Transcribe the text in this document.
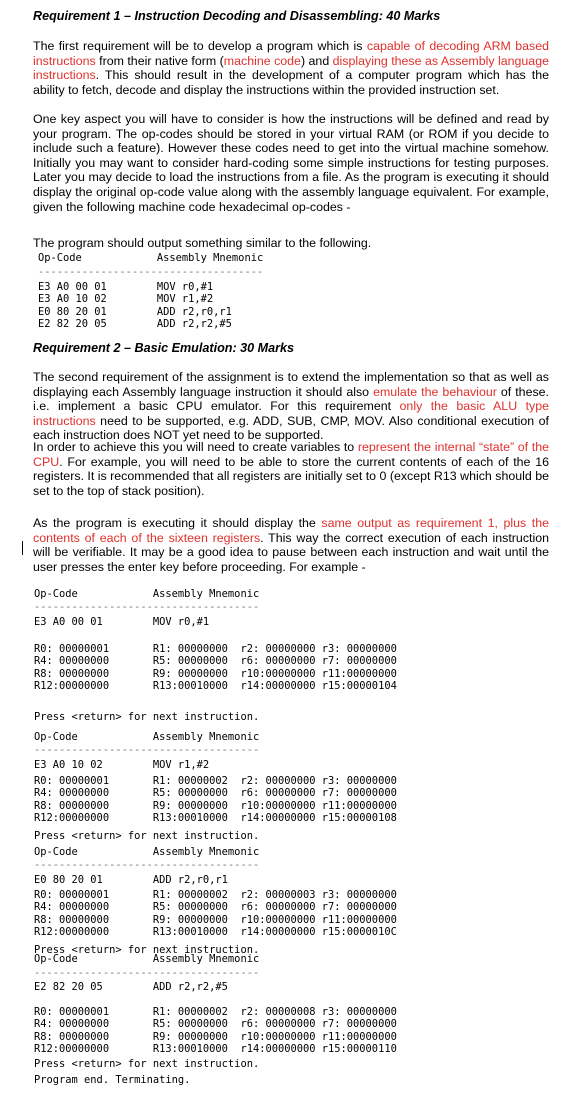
Requirement 1 – Instruction Decoding and Disassembling: 40 Marks

The first requirement will be to develop a program which is capable of decoding ARM based instructions from their native form (machine code) and displaying these as Assembly language instructions. This should result in the development of a computer program which has the ability to fetch, decode and display the instructions within the provided instruction set.

One key aspect you will have to consider is how the instructions will be defined and read by your program. The op-codes should be stored in your virtual RAM (or ROM if you decide to include such a feature). However these codes need to get into the virtual machine somehow. Initially you may want to consider hard-coding some simple instructions for testing purposes. Later you may decide to load the instructions from a file. As the program is executing it should display the original op-code value along with the assembly language equivalent. For example, given the following machine code hexadecimal op-codes -

The program should output something similar to the following.

Op-Code            Assembly Mnemonic
------------------------------------
E3 A0 00 01        MOV r0,#1
E3 A0 10 02        MOV r1,#2
E0 80 20 01        ADD r2,r0,r1
E2 82 20 05        ADD r2,r2,#5
Requirement 2 – Basic Emulation: 30 Marks

The second requirement of the assignment is to extend the implementation so that as well as displaying each Assembly language instruction it should also emulate the behaviour of these. i.e. implement a basic CPU emulator. For this requirement only the basic ALU type instructions need to be supported, e.g. ADD, SUB, CMP, MOV. Also conditional execution of each instruction does NOT yet need to be supported.

In order to achieve this you will need to create variables to represent the internal “state” of the CPU. For example, you will need to be able to store the current contents of each of the 16 registers. It is recommended that all registers are initially set to 0 (except R13 which should be set to the top of stack position).

As the program is executing it should display the same output as requirement 1, plus the contents of each of the sixteen registers. This way the correct execution of each instruction will be verifiable. It may be a good idea to pause between each instruction and wait until the user presses the enter key before proceeding. For example -

Op-Code            Assembly Mnemonic
------------------------------------
E3 A0 00 01        MOV r0,#1
R0: 00000001       R1: 00000000  r2: 00000000 r3: 00000000
R4: 00000000       R5: 00000000  r6: 00000000 r7: 00000000
R8: 00000000       R9: 00000000  r10:00000000 r11:00000000
R12:00000000       R13:00010000  r14:00000000 r15:00000104
Press <return> for next instruction.
Op-Code            Assembly Mnemonic
------------------------------------
E3 A0 10 02        MOV r1,#2
R0: 00000001       R1: 00000002  r2: 00000000 r3: 00000000
R4: 00000000       R5: 00000000  r6: 00000000 r7: 00000000
R8: 00000000       R9: 00000000  r10:00000000 r11:00000000
R12:00000000       R13:00010000  r14:00000000 r15:00000108
Press <return> for next instruction.
Op-Code            Assembly Mnemonic
------------------------------------
E0 80 20 01        ADD r2,r0,r1
R0: 00000001       R1: 00000002  r2: 00000003 r3: 00000000
R4: 00000000       R5: 00000000  r6: 00000000 r7: 00000000
R8: 00000000       R9: 00000000  r10:00000000 r11:00000000
R12:00000000       R13:00010000  r14:00000000 r15:0000010C
Press <return> for next instruction.
Op-Code            Assembly Mnemonic
------------------------------------
E2 82 20 05        ADD r2,r2,#5
R0: 00000001       R1: 00000002  r2: 00000008 r3: 00000000
R4: 00000000       R5: 00000000  r6: 00000000 r7: 00000000
R8: 00000000       R9: 00000000  r10:00000000 r11:00000000
R12:00000000       R13:00010000  r14:00000000 r15:00000110
Press <return> for next instruction.
Program end. Terminating.
